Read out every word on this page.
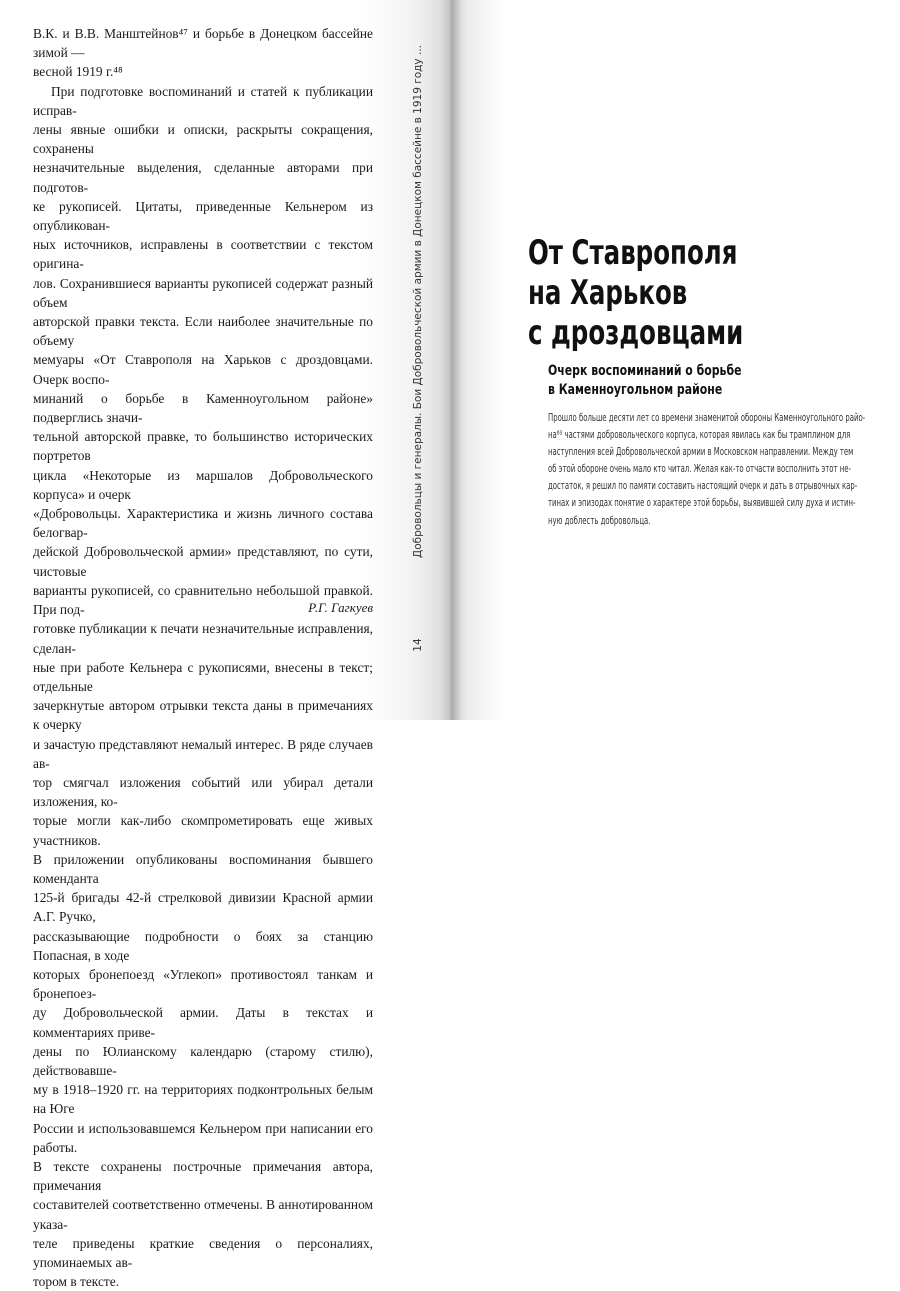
В.К. и В.В. Манштейнов⁴⁷ и борьбе в Донецком бассейне зимой —

весной 1919 г.⁴⁸

При подготовке воспоминаний и статей к публикации исправ-

лены явные ошибки и описки, раскрыты сокращения, сохранены

незначительные выделения, сделанные авторами при подготов-

ке рукописей. Цитаты, приведенные Кельнером из опубликован-

ных источников, исправлены в соответствии с текстом оригина-

лов. Сохранившиеся варианты рукописей содержат разный объем

авторской правки текста. Если наиболее значительные по объему

мемуары «От Ставрополя на Харьков с дроздовцами. Очерк воспо-

минаний о борьбе в Каменноугольном районе» подверглись значи-

тельной авторской правке, то большинство исторических портретов

цикла «Некоторые из маршалов Добровольческого корпуса» и очерк

«Добровольцы. Характеристика и жизнь личного состава белогвар-

дейской Добровольческой армии» представляют, по сути, чистовые

варианты рукописей, со сравнительно небольшой правкой. При под-

готовке публикации к печати незначительные исправления, сделан-

ные при работе Кельнера с рукописями, внесены в текст; отдельные

зачеркнутые автором отрывки текста даны в примечаниях к очерку

и зачастую представляют немалый интерес. В ряде случаев ав-

тор смягчал изложения событий или убирал детали изложения, ко-

торые могли как-либо скомпрометировать еще живых участников.

В приложении опубликованы воспоминания бывшего коменданта

125-й бригады 42-й стрелковой дивизии Красной армии А.Г. Ручко,

рассказывающие подробности о боях за станцию Попасная, в ходе

которых бронепоезд «Углекоп» противостоял танкам и бронепоез-

ду Добровольческой армии. Даты в текстах и комментариях приве-

дены по Юлианскому календарю (старому стилю), действовавше-

му в 1918–1920 гг. на территориях подконтрольных белым на Юге

России и использовавшемся Кельнером при написании его работы.

В тексте сохранены построчные примечания автора, примечания

составителей соответственно отмечены. В аннотированном указа-

теле приведены краткие сведения о персоналиях, упоминаемых ав-

тором в тексте.

Р.Г. Гагкуев
Добровольцы и генералы. Бои Добровольческой армии в Донецком бассейне в 1919 году ...
14
От Ставрополя
на Харьков
с дроздовцами
Очерк воспоминаний о борьбе
в Каменноугольном районе
Прошло больше десяти лет со времени знаменитой обороны Каменноугольного райо-
на⁶³ частями добровольческого корпуса, которая явилась как бы трамплином для
наступления всей Добровольческой армии в Московском направлении. Между тем
об этой обороне очень мало кто читал. Желая как-то отчасти восполнить этот не-
достаток, я решил по памяти составить настоящий очерк и дать в отрывочных кар-
тинах и эпизодах понятие о характере этой борьбы, выявившей силу духа и истин-
ную доблесть добровольца.
